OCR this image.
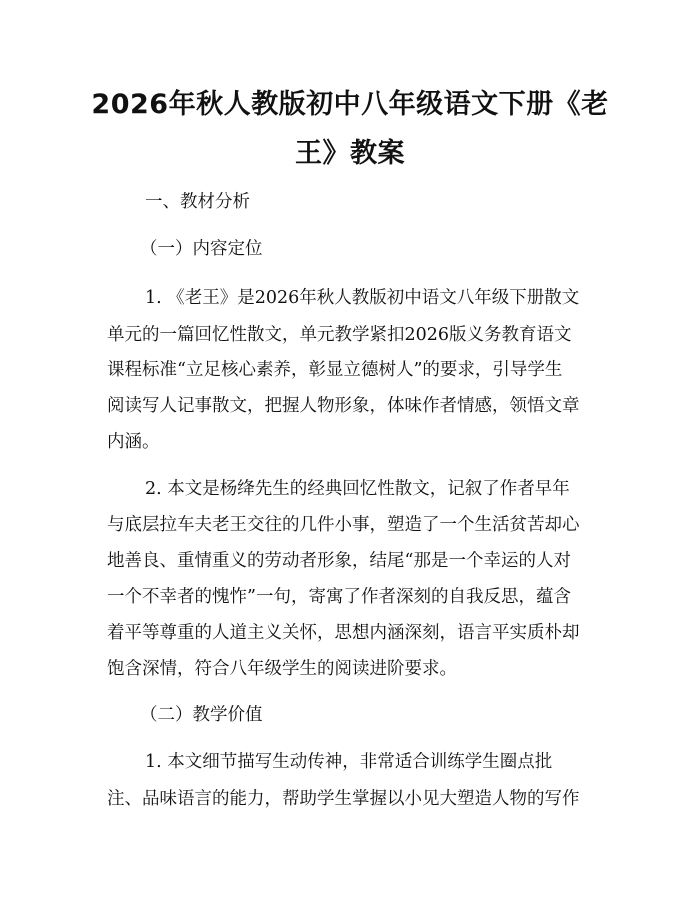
2026年秋人教版初中八年级语文下册《老
王》教案
一、教材分析
（一）内容定位
1. 《老王》是2026年秋人教版初中语文八年级下册散文
单元的一篇回忆性散文，单元教学紧扣2026版义务教育语文
课程标准“立足核心素养，彰显立德树人”的要求，引导学生
阅读写人记事散文，把握人物形象，体味作者情感，领悟文章
内涵。
2. 本文是杨绛先生的经典回忆性散文，记叙了作者早年
与底层拉车夫老王交往的几件小事，塑造了一个生活贫苦却心
地善良、重情重义的劳动者形象，结尾“那是一个幸运的人对
一个不幸者的愧怍”一句，寄寓了作者深刻的自我反思，蕴含
着平等尊重的人道主义关怀，思想内涵深刻，语言平实质朴却
饱含深情，符合八年级学生的阅读进阶要求。
（二）教学价值
1. 本文细节描写生动传神，非常适合训练学生圈点批
注、品味语言的能力，帮助学生掌握以小见大塑造人物的写作
